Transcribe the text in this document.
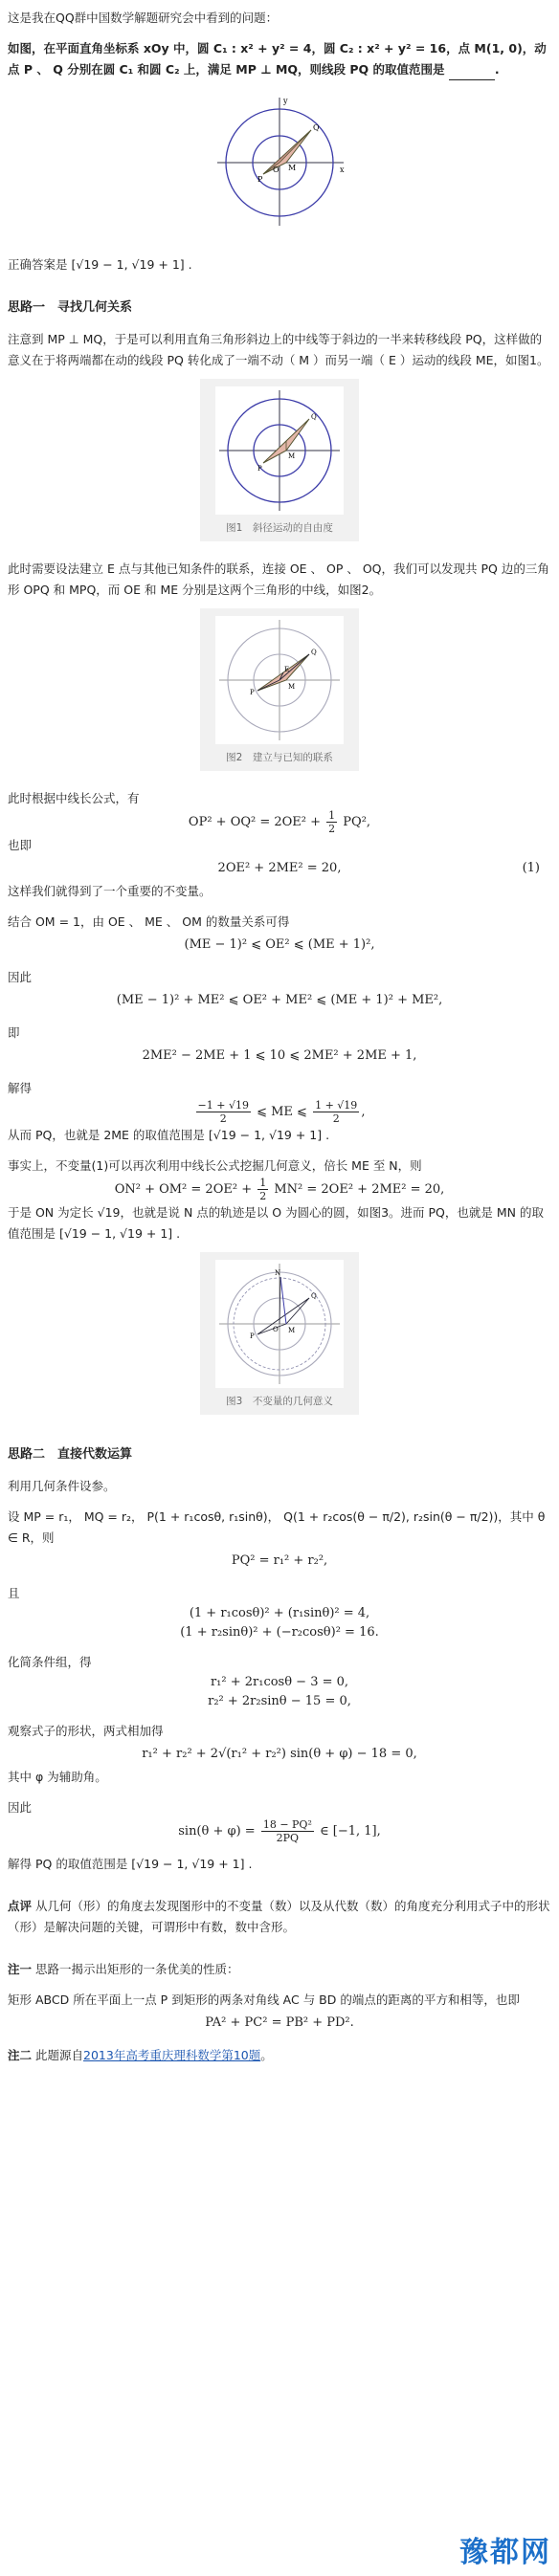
这是我在QQ群中国数学解题研究会中看到的问题：

如图，在平面直角坐标系 xOy 中，圆 C₁ : x² + y² = 4，圆 C₂ : x² + y² = 16，点 M(1, 0)，动点 P 、 Q 分别在圆 C₁ 和圆 C₂ 上，满足 MP ⊥ MQ，则线段 PQ 的取值范围是	.

P
Q
M
O	x
y

正确答案是 [√19 − 1, √19 + 1] .

思路一　寻找几何关系

注意到 MP ⊥ MQ，于是可以利用直角三角形斜边上的中线等于斜边的一半来转移线段 PQ，这样做的意义在于将两端都在动的线段 PQ 转化成了一端不动（ M ）而另一端（ E ）运动的线段 ME，如图1。

P
Q
M
图1　斜径运动的自由度

此时需要设法建立 E 点与其他已知条件的联系，连接 OE 、 OP 、 OQ，我们可以发现共 PQ 边的三角形 OPQ 和 MPQ，而 OE 和 ME 分别是这两个三角形的中线，如图2。

P
Q
M
E
图2　建立与已知的联系

此时根据中线长公式，有

$OP^2 + OQ^2 = 2OE^2 + \frac{1}{2} PQ^2$,

也即

2OE² + 2ME² = 20,	(1)

这样我们就得到了一个重要的不变量。

结合 OM = 1，由 OE 、 ME 、 OM 的数量关系可得

(ME − 1)² ⩽ OE² ⩽ (ME + 1)²,

因此

(ME − 1)² + ME² ⩽ OE² + ME² ⩽ (ME + 1)² + ME²,

即

2ME² − 2ME + 1 ⩽ 10 ⩽ 2ME² + 2ME + 1,

解得

$\frac{-1 + √19}{2}$ ⩽ ME ⩽ $\frac{1 + √19}{2}$ ,

从而 PQ，也就是 2ME 的取值范围是 [√19 − 1, √19 + 1] .

事实上，不变量(1)可以再次利用中线长公式挖掘几何意义，倍长 ME 至 N，则

$ON^2 + OM^2 = 2OE^2 + \frac{1}{2} MN^2 = 2OE^2 + 2ME^2 = 20$,

于是 ON 为定长 √19，也就是说 N 点的轨迹是以 O 为圆心的圆，如图3。进而 PQ，也就是 MN 的取值范围是 [√19 − 1, √19 + 1] .

P
Q
M
N
O
图3　不变量的几何意义

思路二　直接代数运算

利用几何条件设参。

设 MP = r₁， MQ = r₂， P(1 + r₁cosθ, r₁sinθ)， Q(1 + r₂cos(θ − π/2), r₂sin(θ − π/2))，其中 θ ∈ R，则

PQ² = r₁² + r₂²,

且

(1 + r₁cosθ)² + (r₁sinθ)² = 4,
(1 + r₂sinθ)² + (−r₂cosθ)² = 16.

化简条件组，得

r₁² + 2r₁cosθ − 3 = 0,
r₂² + 2r₂sinθ − 15 = 0,

观察式子的形状，两式相加得

r₁² + r₂² + 2√(r₁² + r₂²) sin(θ + φ) − 18 = 0,

其中 φ 为辅助角。

因此

$\sin(\theta + \varphi) = \frac{\text{18 − PQ²}}{2PQ}$ ∈ [−1, 1],

解得 PQ 的取值范围是 [√19 − 1, √19 + 1] .

点评 从几何（形）的角度去发现图形中的不变量（数）以及从代数（数）的角度充分利用式子中的形状（形）是解决问题的关键，可谓形中有数，数中含形。

注一 思路一揭示出矩形的一条优美的性质：

矩形 ABCD 所在平面上一点 P 到矩形的两条对角线 AC 与 BD 的端点的距离的平方和相等，也即

PA² + PC² = PB² + PD².

注二 此题源自2013年高考重庆理科数学第10题。

豫都网
